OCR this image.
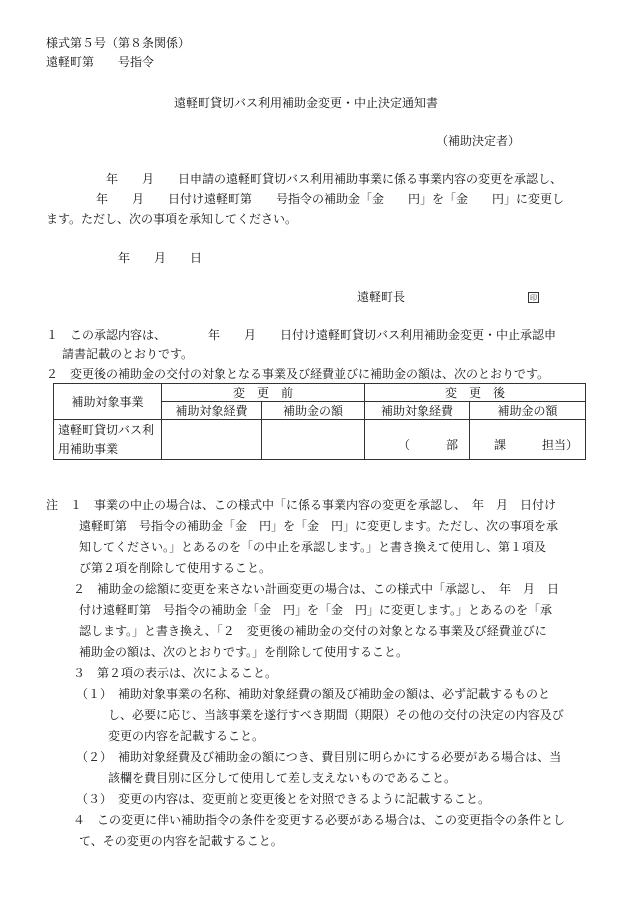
様式第５号（第８条関係）
遠軽町第　　号指令
遠軽町貸切バス利用補助金変更・中止決定通知書
（補助決定者）
年　　月　　日申請の遠軽町貸切バス利用補助事業に係る事業内容の変更を承認し、
年　　月　　日付け遠軽町第　　号指令の補助金「金　　円」を「金　　円」に変更し
ます。ただし、次の事項を承知してください。
年　　月　　日
遠軽町長	印
１　この承認内容は、　　　　年　　月　　日付け遠軽町貸切バス利用補助金変更・中止承認申
請書記載のとおりです。
２　変更後の補助金の交付の対象となる事業及び経費並びに補助金の額は、次のとおりです。
補助対象事業	変　更　前		変　更　後	
	補助対象経費	補助金の額	補助対象経費	補助金の額
遠軽町貸切バス利
用補助事業					（　　　部　　　課　　　担当）

注　１　事業の中止の場合は、この様式中「に係る事業内容の変更を承認し、　年　月　日付け

遠軽町第　号指令の補助金「金　円」を「金　円」に変更します。ただし、次の事項を承

知してください。」とあるのを「の中止を承認します。」と書き換えて使用し、第１項及

び第２項を削除して使用すること。

２　補助金の総額に変更を来さない計画変更の場合は、この様式中「承認し、　年　月　日

付け遠軽町第　号指令の補助金「金　円」を「金　円」に変更します。」とあるのを「承

認します。」と書き換え、「２　変更後の補助金の交付の対象となる事業及び経費並びに

補助金の額は、次のとおりです。」を削除して使用すること。

３　第２項の表示は、次によること。

（１）　補助対象事業の名称、補助対象経費の額及び補助金の額は、必ず記載するものと

し、必要に応じ、当該事業を遂行すべき期間（期限）その他の交付の決定の内容及び

変更の内容を記載すること。

（２）　補助対象経費及び補助金の額につき、費目別に明らかにする必要がある場合は、当

該欄を費目別に区分して使用して差し支えないものであること。

（３）　変更の内容は、変更前と変更後とを対照できるように記載すること。

４　この変更に伴い補助指令の条件を変更する必要がある場合は、この変更指令の条件とし

て、その変更の内容を記載すること。
